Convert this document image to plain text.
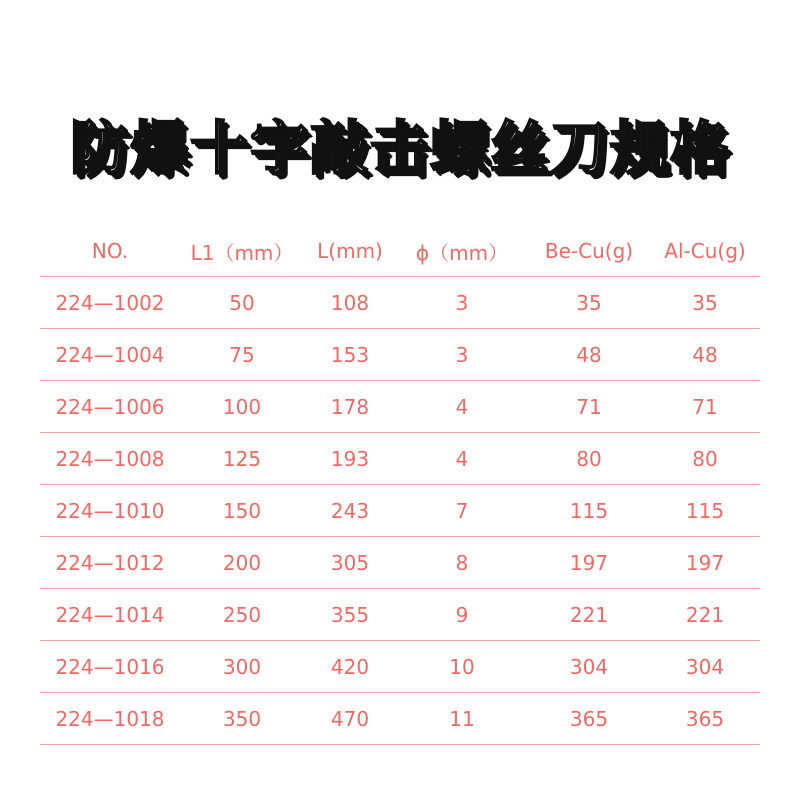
防爆十字敲击螺丝刀规格
NO.	L1（mm）	L(mm)	ϕ（mm）	Be-Cu(g)	Al-Cu(g)
224—1002	50	108	3	35	35
224—1004	75	153	3	48	48
224—1006	100	178	4	71	71
224—1008	125	193	4	80	80
224—1010	150	243	7	115	115
224—1012	200	305	8	197	197
224—1014	250	355	9	221	221
224—1016	300	420	10	304	304
224—1018	350	470	11	365	365
